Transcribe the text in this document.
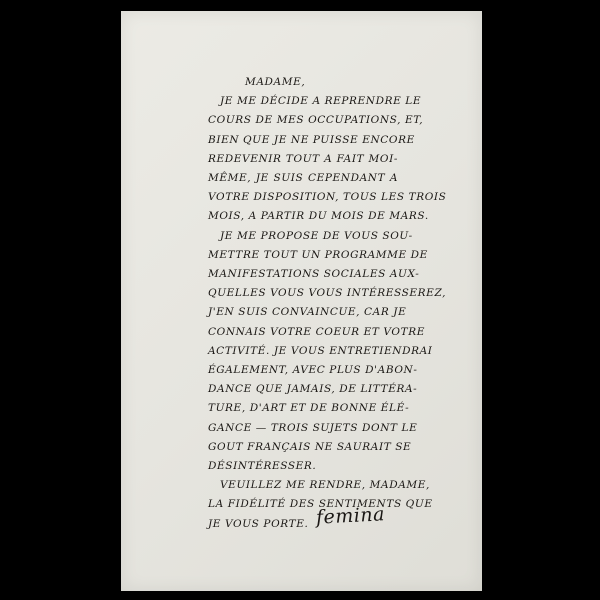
MADAME,
JE ME DÉCIDE A REPRENDRE LE
COURS DE MES OCCUPATIONS, ET,
BIEN QUE JE NE PUISSE ENCORE
REDEVENIR TOUT A FAIT MOI-
MÊME, JE SUIS CEPENDANT A
VOTRE DISPOSITION, TOUS LES TROIS
MOIS, A PARTIR DU MOIS DE MARS.
JE ME PROPOSE DE VOUS SOU-
METTRE TOUT UN PROGRAMME DE
MANIFESTATIONS SOCIALES AUX-
QUELLES VOUS VOUS INTÉRESSEREZ,
J'EN SUIS CONVAINCUE, CAR JE
CONNAIS VOTRE COEUR ET VOTRE
ACTIVITÉ. JE VOUS ENTRETIENDRAI
ÉGALEMENT, AVEC PLUS D'ABON-
DANCE QUE JAMAIS, DE LITTÉRA-
TURE, D'ART ET DE BONNE ÉLÉ-
GANCE — TROIS SUJETS DONT LE
GOUT FRANÇAIS NE SAURAIT SE
DÉSINTÉRESSER.
VEUILLEZ ME RENDRE, MADAME,
LA FIDÉLITÉ DES SENTIMENTS QUE
JE VOUS PORTE. femina
